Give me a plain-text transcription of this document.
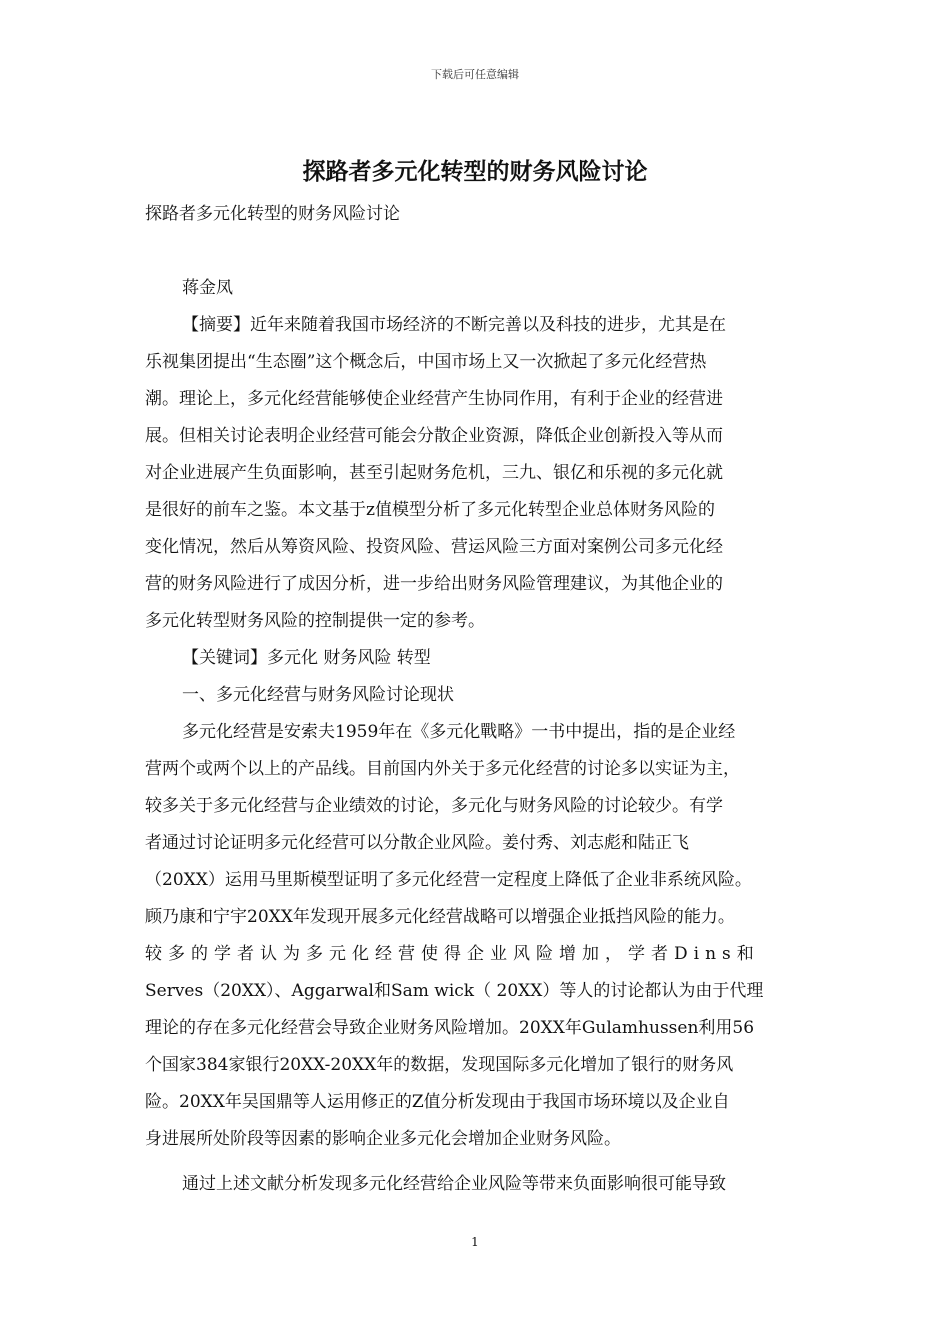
下载后可任意编辑
探路者多元化转型的财务风险讨论
探路者多元化转型的财务风险讨论
蒋金凤
【摘要】近年来随着我国市场经济的不断完善以及科技的进步，尤其是在
乐视集团提出“生态圈”这个概念后，中国市场上又一次掀起了多元化经营热
潮。理论上，多元化经营能够使企业经营产生协同作用，有利于企业的经营进
展。但相关讨论表明企业经营可能会分散企业资源，降低企业创新投入等从而
对企业进展产生负面影响，甚至引起财务危机，三九、银亿和乐视的多元化就
是很好的前车之鉴。本文基于z值模型分析了多元化转型企业总体财务风险的
变化情况，然后从筹资风险、投资风险、营运风险三方面对案例公司多元化经
营的财务风险进行了成因分析，进一步给出财务风险管理建议，为其他企业的
多元化转型财务风险的控制提供一定的参考。
【关键词】多元化 财务风险 转型
一、多元化经营与财务风险讨论现状
多元化经营是安索夫1959年在《多元化戰略》一书中提出，指的是企业经
营两个或两个以上的产品线。目前国内外关于多元化经营的讨论多以实证为主，
较多关于多元化经营与企业绩效的讨论，多元化与财务风险的讨论较少。有学
者通过讨论证明多元化经营可以分散企业风险。姜付秀、刘志彪和陆正飞
（20XX）运用马里斯模型证明了多元化经营一定程度上降低了企业非系统风险。
顾乃康和宁宇20XX年发现开展多元化经营战略可以增强企业抵挡风险的能力。
较多的学者认为多元化经营使得企业风险增加，学者Dins和
Serves（20XX）、Aggarwal和Sam wick（ 20XX）等人的讨论都认为由于代理
理论的存在多元化经营会导致企业财务风险增加。20XX年Gulamhussen利用56
个国家384家银行20XX-20XX年的数据，发现国际多元化增加了银行的财务风
险。20XX年吴国鼎等人运用修正的Z值分析发现由于我国市场环境以及企业自
身进展所处阶段等因素的影响企业多元化会增加企业财务风险。
通过上述文献分析发现多元化经营给企业风险等带来负面影响很可能导致
1
